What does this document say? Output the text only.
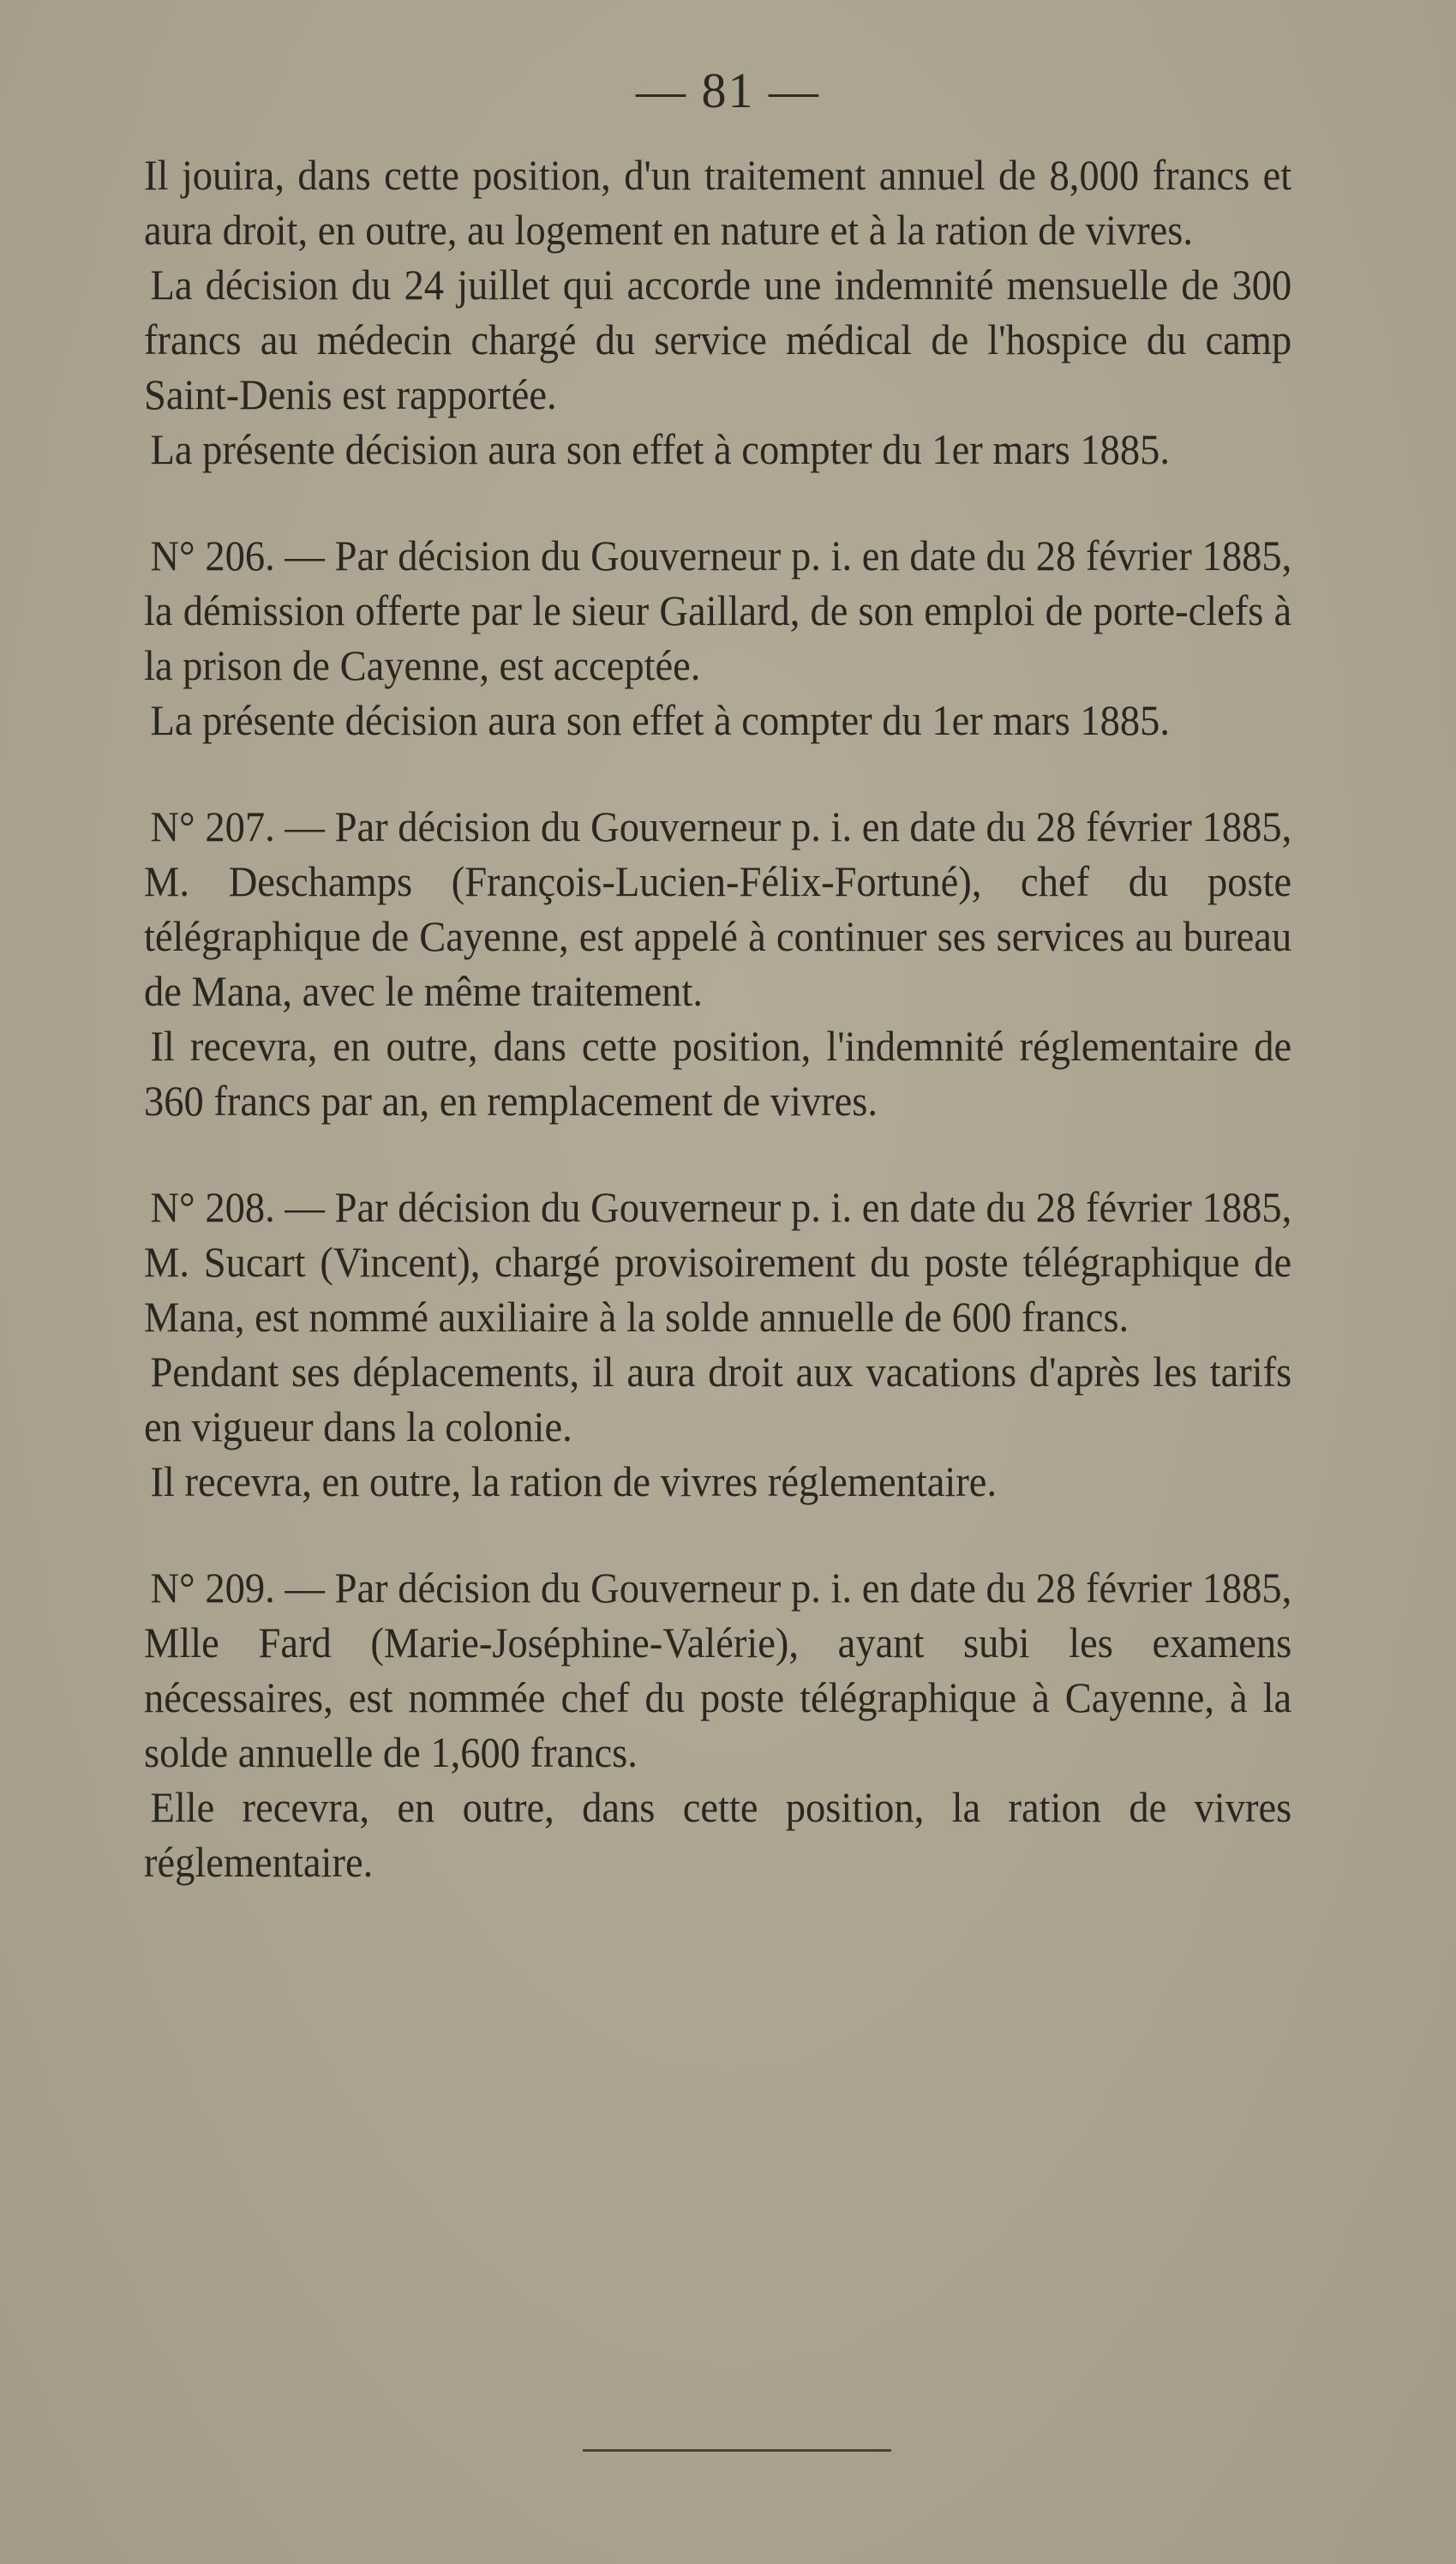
— 81 —

Il jouira, dans cette position, d'un traitement annuel de 8,000 francs et aura droit, en outre, au logement en nature et à la ration de vivres.

La décision du 24 juillet qui accorde une indemnité mensuelle de 300 francs au médecin chargé du service médical de l'hospice du camp Saint-Denis est rapportée.

La présente décision aura son effet à compter du 1er mars 1885.

N° 206. — Par décision du Gouverneur p. i. en date du 28 février 1885, la démission offerte par le sieur Gaillard, de son emploi de porte-clefs à la prison de Cayenne, est acceptée.

La présente décision aura son effet à compter du 1er mars 1885.

N° 207. — Par décision du Gouverneur p. i. en date du 28 février 1885, M. Deschamps (François-Lucien-Félix-Fortuné), chef du poste télégraphique de Cayenne, est appelé à continuer ses services au bureau de Mana, avec le même traitement.

Il recevra, en outre, dans cette position, l'indemnité réglementaire de 360 francs par an, en remplacement de vivres.

N° 208. — Par décision du Gouverneur p. i. en date du 28 février 1885, M. Sucart (Vincent), chargé provisoirement du poste télégraphique de Mana, est nommé auxiliaire à la solde annuelle de 600 francs.

Pendant ses déplacements, il aura droit aux vacations d'après les tarifs en vigueur dans la colonie.

Il recevra, en outre, la ration de vivres réglementaire.

N° 209. — Par décision du Gouverneur p. i. en date du 28 février 1885, Mlle Fard (Marie-Joséphine-Valérie), ayant subi les examens nécessaires, est nommée chef du poste télégraphique à Cayenne, à la solde annuelle de 1,600 francs.

Elle recevra, en outre, dans cette position, la ration de vivres réglementaire.
